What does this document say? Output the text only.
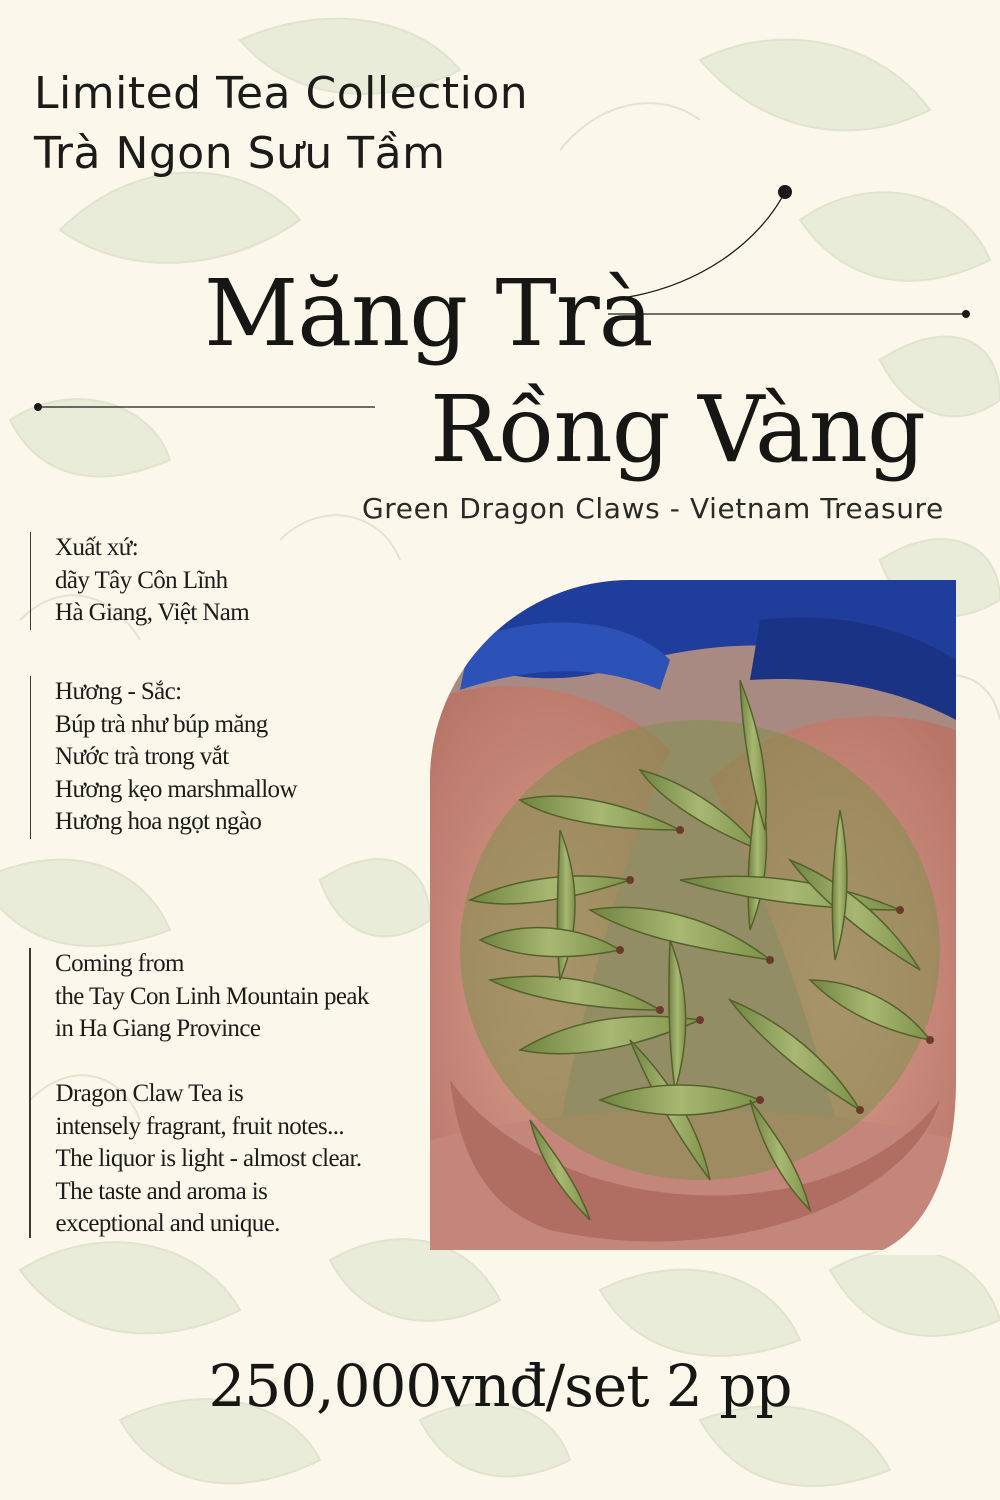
Limited Tea Collection
Trà Ngon Sưu Tầm
Măng Trà
Rồng Vàng
Green Dragon Claws - Vietnam Treasure
Xuất xứ:
dãy Tây Côn Lĩnh
Hà Giang, Việt Nam
Hương - Sắc:
Búp trà như búp măng
Nước trà trong vắt
Hương kẹo marshmallow
Hương hoa ngọt ngào
Coming from
the Tay Con Linh Mountain peak
in Ha Giang Province
Dragon Claw Tea is
intensely fragrant, fruit notes...
The liquor is light - almost clear.
The taste and aroma is
exceptional and unique.
250,000vnđ/set 2 pp
